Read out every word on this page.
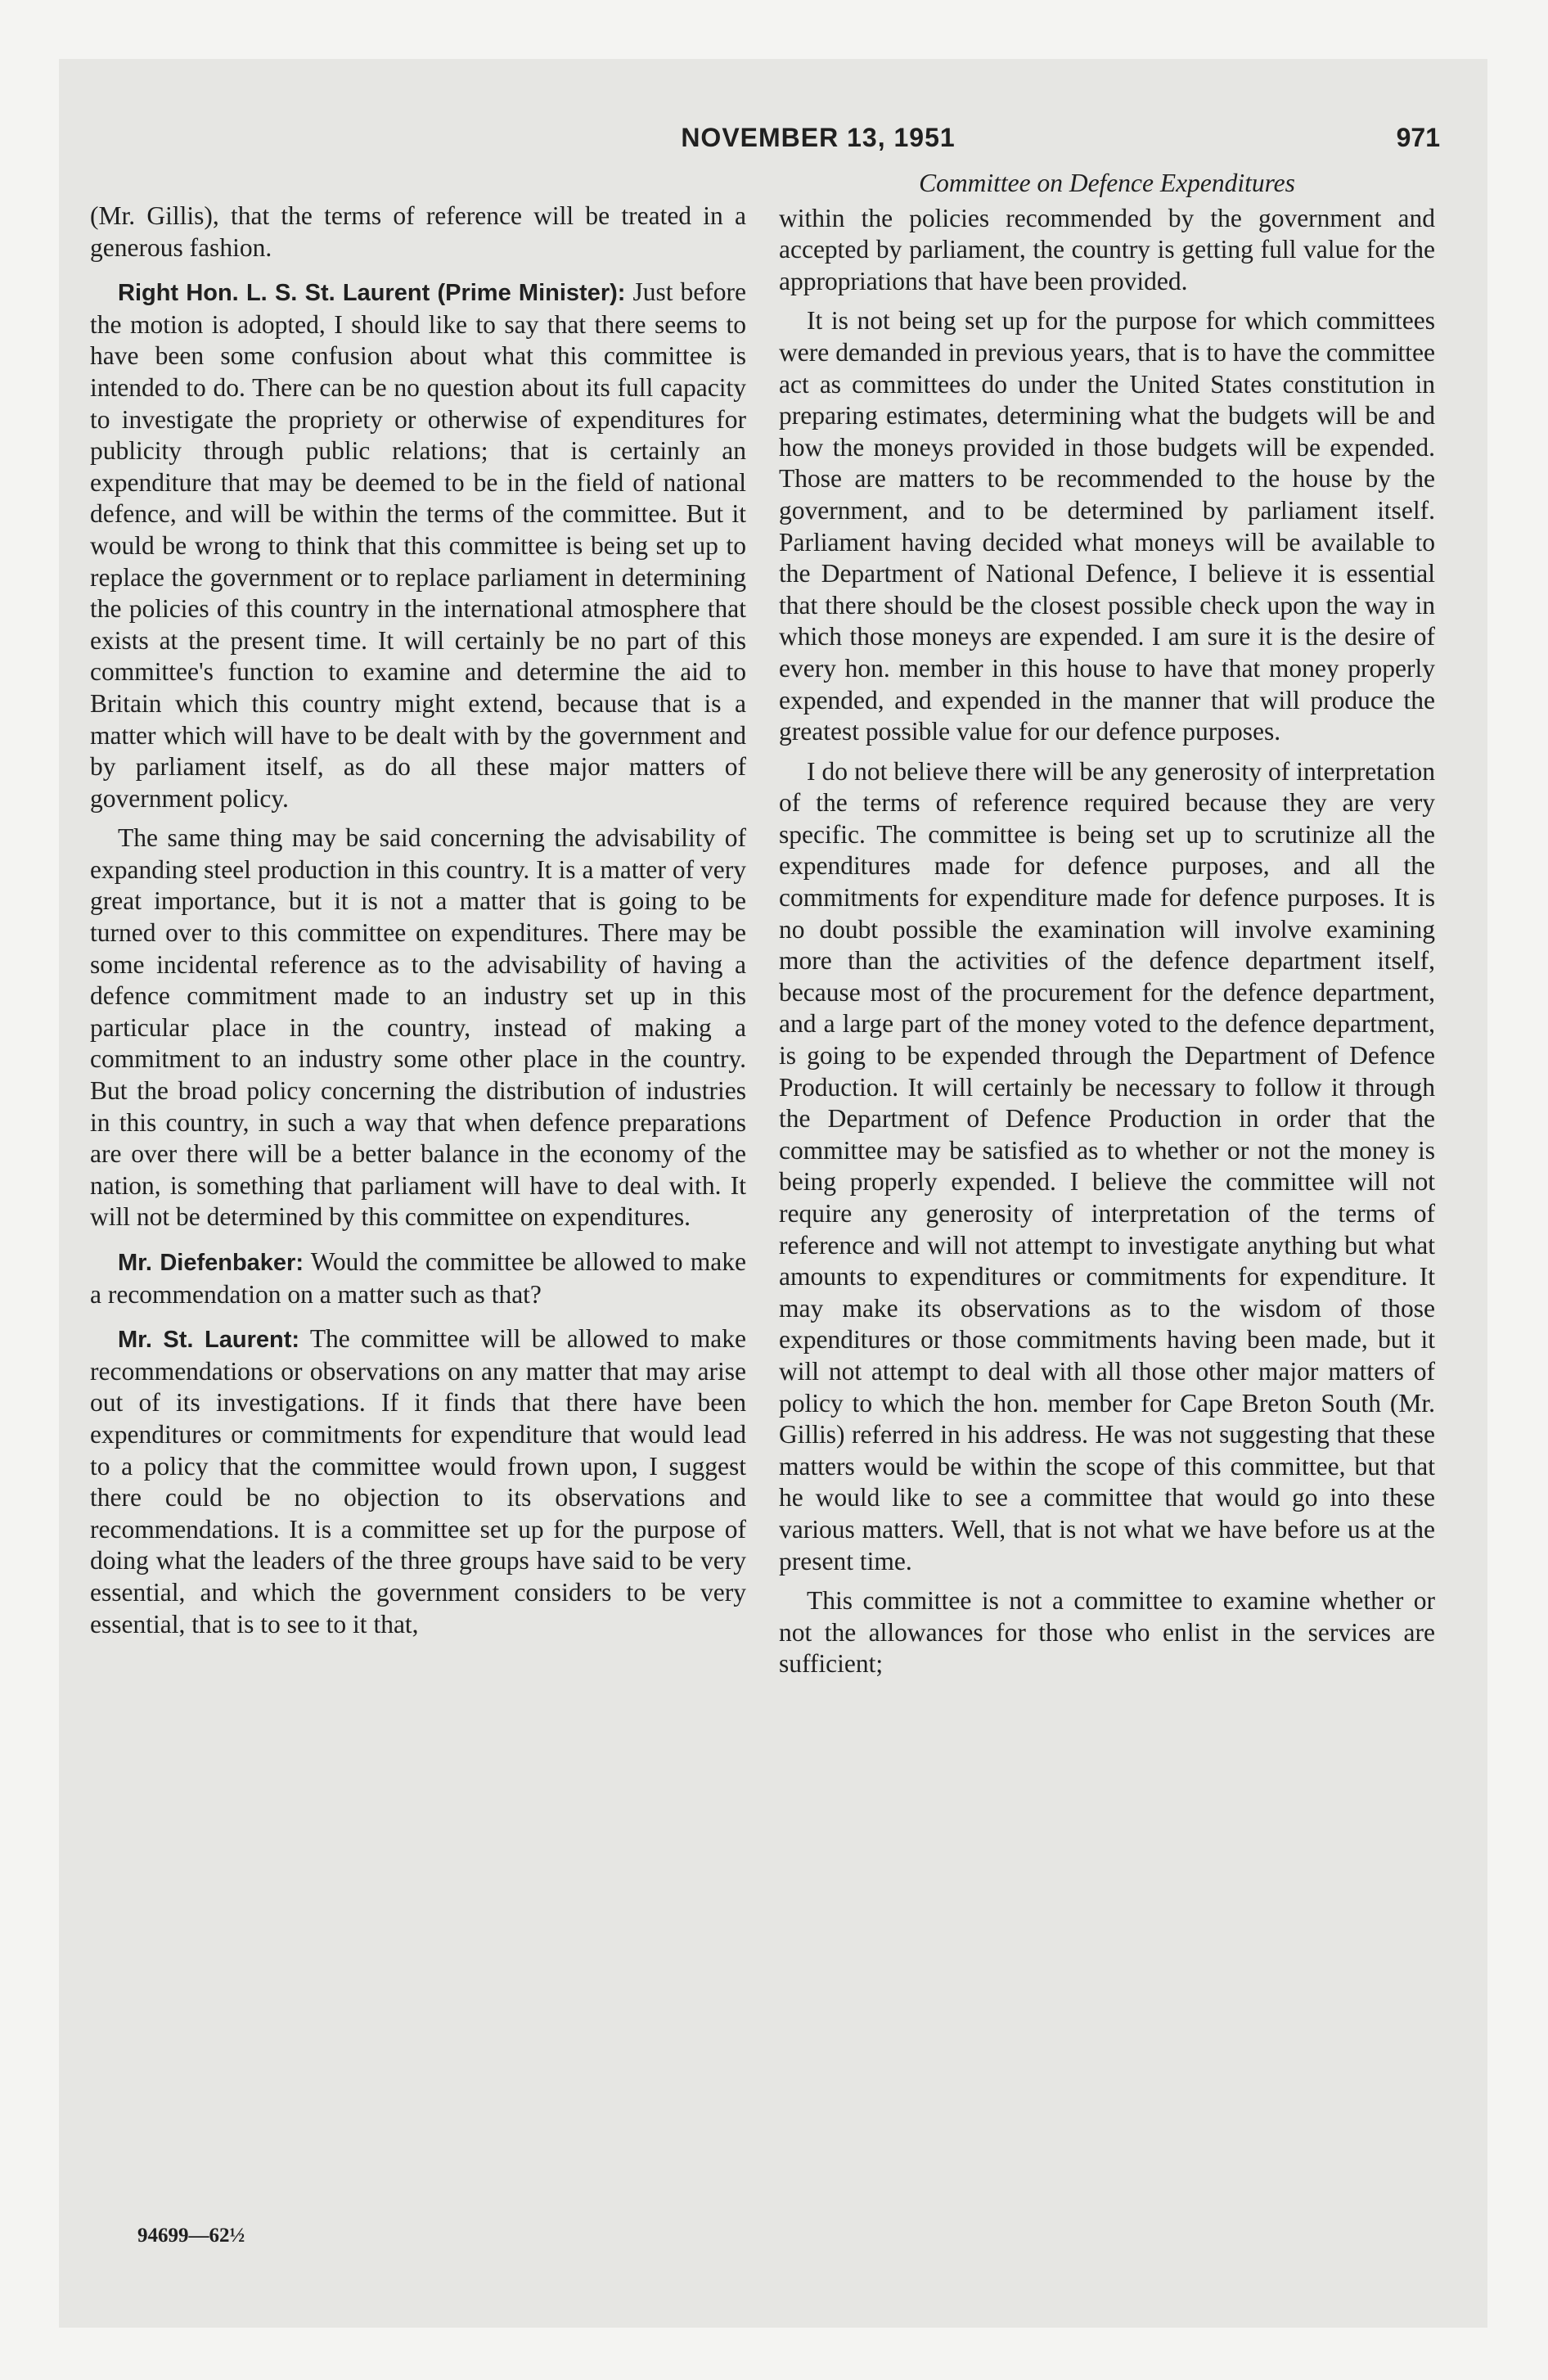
NOVEMBER 13, 1951	971

(Mr. Gillis), that the terms of reference will be treated in a generous fashion.

Right Hon. L. S. St. Laurent (Prime Minister): Just before the motion is adopted, I should like to say that there seems to have been some confusion about what this committee is intended to do. There can be no question about its full capacity to investigate the propriety or otherwise of expenditures for publicity through public relations; that is certainly an expenditure that may be deemed to be in the field of national defence, and will be within the terms of the committee. But it would be wrong to think that this committee is being set up to replace the government or to replace parliament in determining the policies of this country in the international atmosphere that exists at the present time. It will certainly be no part of this committee's function to examine and determine the aid to Britain which this country might extend, because that is a matter which will have to be dealt with by the government and by parliament itself, as do all these major matters of government policy.

The same thing may be said concerning the advisability of expanding steel production in this country. It is a matter of very great importance, but it is not a matter that is going to be turned over to this committee on expenditures. There may be some incidental reference as to the advisability of having a defence commitment made to an industry set up in this particular place in the country, instead of making a commitment to an industry some other place in the country. But the broad policy concerning the distribution of industries in this country, in such a way that when defence preparations are over there will be a better balance in the economy of the nation, is something that parliament will have to deal with. It will not be determined by this committee on expenditures.

Mr. Diefenbaker: Would the committee be allowed to make a recommendation on a matter such as that?

Mr. St. Laurent: The committee will be allowed to make recommendations or observations on any matter that may arise out of its investigations. If it finds that there have been expenditures or commitments for expenditure that would lead to a policy that the committee would frown upon, I suggest there could be no objection to its observations and recommendations. It is a committee set up for the purpose of doing what the leaders of the three groups have said to be very essential, and which the government considers to be very essential, that is to see to it that,

Committee on Defence Expenditures

within the policies recommended by the government and accepted by parliament, the country is getting full value for the appropriations that have been provided.

It is not being set up for the purpose for which committees were demanded in previous years, that is to have the committee act as committees do under the United States constitution in preparing estimates, determining what the budgets will be and how the moneys provided in those budgets will be expended. Those are matters to be recommended to the house by the government, and to be determined by parliament itself. Parliament having decided what moneys will be available to the Department of National Defence, I believe it is essential that there should be the closest possible check upon the way in which those moneys are expended. I am sure it is the desire of every hon. member in this house to have that money properly expended, and expended in the manner that will produce the greatest possible value for our defence purposes.

I do not believe there will be any generosity of interpretation of the terms of reference required because they are very specific. The committee is being set up to scrutinize all the expenditures made for defence purposes, and all the commitments for expenditure made for defence purposes. It is no doubt possible the examination will involve examining more than the activities of the defence department itself, because most of the procurement for the defence department, and a large part of the money voted to the defence department, is going to be expended through the Department of Defence Production. It will certainly be necessary to follow it through the Department of Defence Production in order that the committee may be satisfied as to whether or not the money is being properly expended. I believe the committee will not require any generosity of interpretation of the terms of reference and will not attempt to investigate anything but what amounts to expenditures or commitments for expenditure. It may make its observations as to the wisdom of those expenditures or those commitments having been made, but it will not attempt to deal with all those other major matters of policy to which the hon. member for Cape Breton South (Mr. Gillis) referred in his address. He was not suggesting that these matters would be within the scope of this committee, but that he would like to see a committee that would go into these various matters. Well, that is not what we have before us at the present time.

This committee is not a committee to examine whether or not the allowances for those who enlist in the services are sufficient;

94699—62½
